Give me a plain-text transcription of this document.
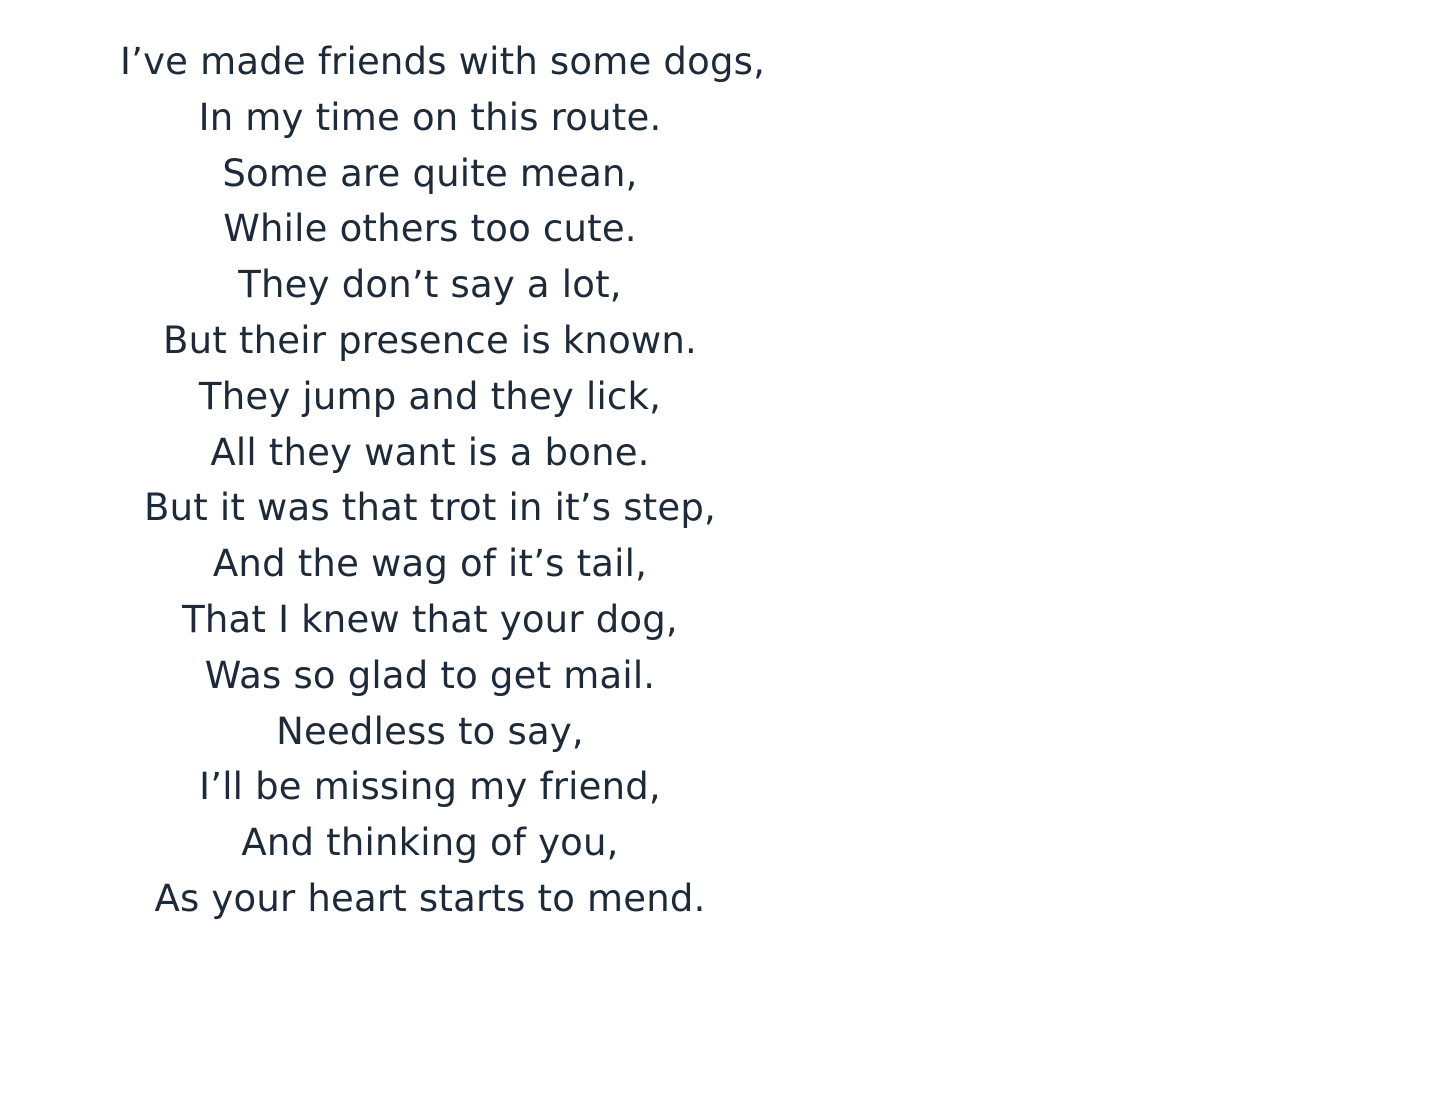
I’ve made friends with some dogs,
In my time on this route.
Some are quite mean,
While others too cute.
They don’t say a lot,
But their presence is known.
They jump and they lick,
All they want is a bone.
But it was that trot in it’s step,
And the wag of it’s tail,
That I knew that your dog,
Was so glad to get mail.
Needless to say,
I’ll be missing my friend,
And thinking of you,
As your heart starts to mend.
